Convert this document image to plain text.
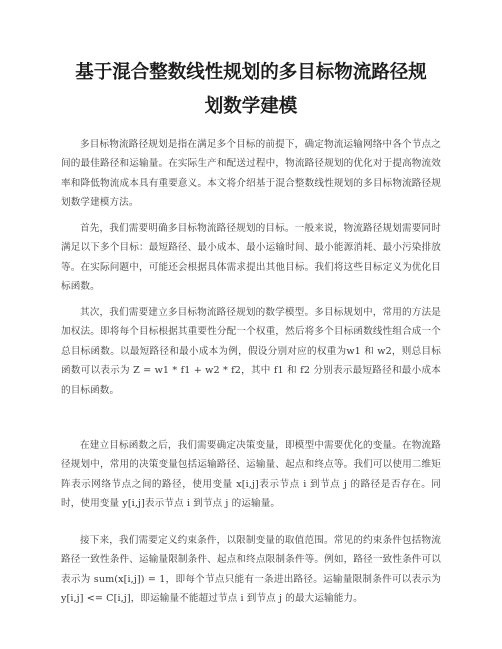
基于混合整数线性规划的多目标物流路径规
划数学建模
多目标物流路径规划是指在满足多个目标的前提下，确定物流运输网络中各个节点之间的最佳路径和运输量。在实际生产和配送过程中，物流路径规划的优化对于提高物流效率和降低物流成本具有重要意义。本文将介绍基于混合整数线性规划的多目标物流路径规划数学建模方法。
首先，我们需要明确多目标物流路径规划的目标。一般来说，物流路径规划需要同时满足以下多个目标：最短路径、最小成本、最小运输时间、最小能源消耗、最小污染排放等。在实际问题中，可能还会根据具体需求提出其他目标。我们将这些目标定义为优化目标函数。
其次，我们需要建立多目标物流路径规划的数学模型。多目标规划中，常用的方法是加权法。即将每个目标根据其重要性分配一个权重，然后将多个目标函数线性组合成一个总目标函数。以最短路径和最小成本为例，假设分别对应的权重为w1 和 w2，则总目标函数可以表示为 Z = w1 * f1 + w2 * f2，其中 f1 和 f2 分别表示最短路径和最小成本的目标函数。
在建立目标函数之后，我们需要确定决策变量，即模型中需要优化的变量。在物流路径规划中，常用的决策变量包括运输路径、运输量、起点和终点等。我们可以使用二维矩阵表示网络节点之间的路径，使用变量 x[i,j]表示节点 i 到节点 j 的路径是否存在。同时，使用变量 y[i,j]表示节点 i 到节点 j 的运输量。
接下来，我们需要定义约束条件，以限制变量的取值范围。常见的约束条件包括物流路径一致性条件、运输量限制条件、起点和终点限制条件等。例如，路径一致性条件可以表示为 sum(x[i,j]) = 1，即每个节点只能有一条进出路径。运输量限制条件可以表示为 y[i,j] <= C[i,j]，即运输量不能超过节点 i 到节点 j 的最大运输能力。
